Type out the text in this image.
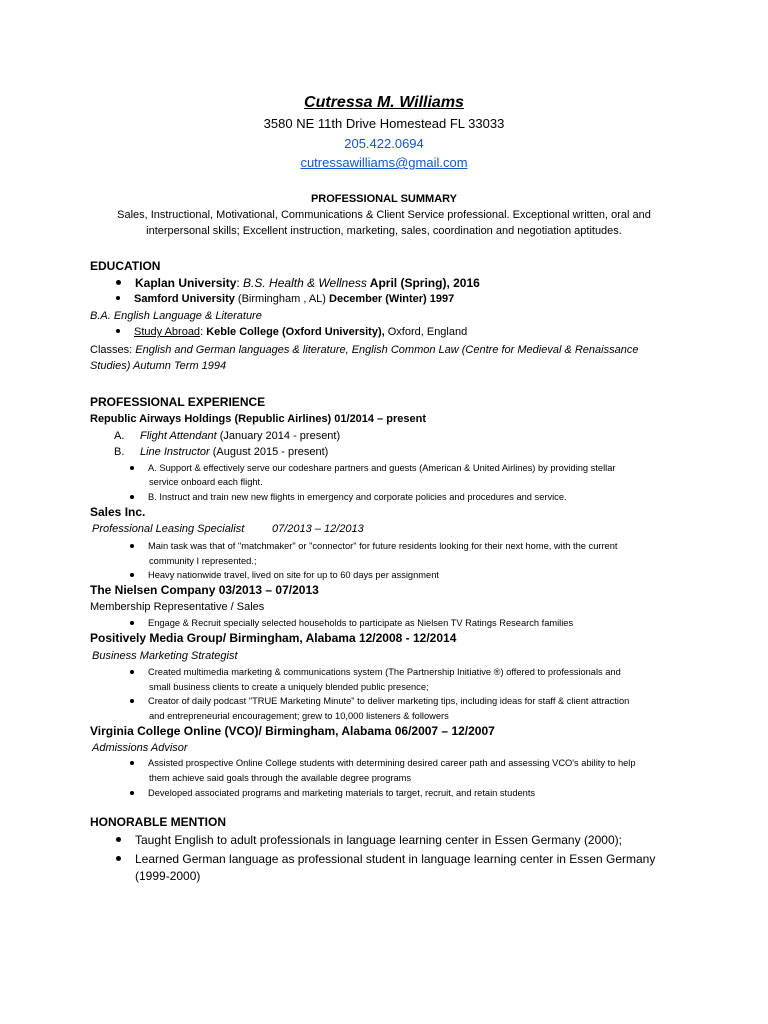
Cutressa M. Williams
3580 NE 11th Drive Homestead FL 33033
205.422.0694
cutressawilliams@gmail.com
PROFESSIONAL SUMMARY
Sales, Instructional, Motivational, Communications & Client Service professional. Exceptional written, oral and
interpersonal skills; Excellent instruction, marketing, sales, coordination and negotiation aptitudes.
EDUCATION
Kaplan University: B.S. Health & Wellness April (Spring), 2016
Samford University (Birmingham , AL) December (Winter) 1997
B.A. English Language & Literature
Study Abroad: Keble College (Oxford University), Oxford, England
Classes: English and German languages & literature, English Common Law (Centre for Medieval & Renaissance
Studies) Autumn Term 1994
PROFESSIONAL EXPERIENCE
Republic Airways Holdings (Republic Airlines) 01/2014 – present
A. Flight Attendant (January 2014 - present)
B. Line Instructor (August 2015 - present)
A. Support & effectively serve our codeshare partners and guests (American & United Airlines) by providing stellar
service onboard each flight.
B. Instruct and train new new flights in emergency and corporate policies and procedures and service.
Sales Inc.
Professional Leasing Specialist	07/2013 – 12/2013
Main task was that of "matchmaker" or "connector" for future residents looking for their next home, with the current
community I represented.;
Heavy nationwide travel, lived on site for up to 60 days per assignment
The Nielsen Company 03/2013 – 07/2013
Membership Representative / Sales
Engage & Recruit specially selected households to participate as Nielsen TV Ratings Research families
Positively Media Group/ Birmingham, Alabama 12/2008 - 12/2014
Business Marketing Strategist
Created multimedia marketing & communications system (The Partnership Initiative ®) offered to professionals and
small business clients to create a uniquely blended public presence;
Creator of daily podcast "TRUE Marketing Minute" to deliver marketing tips, including ideas for staff & client attraction
and entrepreneurial encouragement; grew to 10,000 listeners & followers
Virginia College Online (VCO)/ Birmingham, Alabama 06/2007 – 12/2007
Admissions Advisor
Assisted prospective Online College students with determining desired career path and assessing VCO's ability to help
them achieve said goals through the available degree programs
Developed associated programs and marketing materials to target, recruit, and retain students
HONORABLE MENTION
Taught English to adult professionals in language learning center in Essen Germany (2000);
Learned German language as professional student in language learning center in Essen Germany
(1999-2000)
